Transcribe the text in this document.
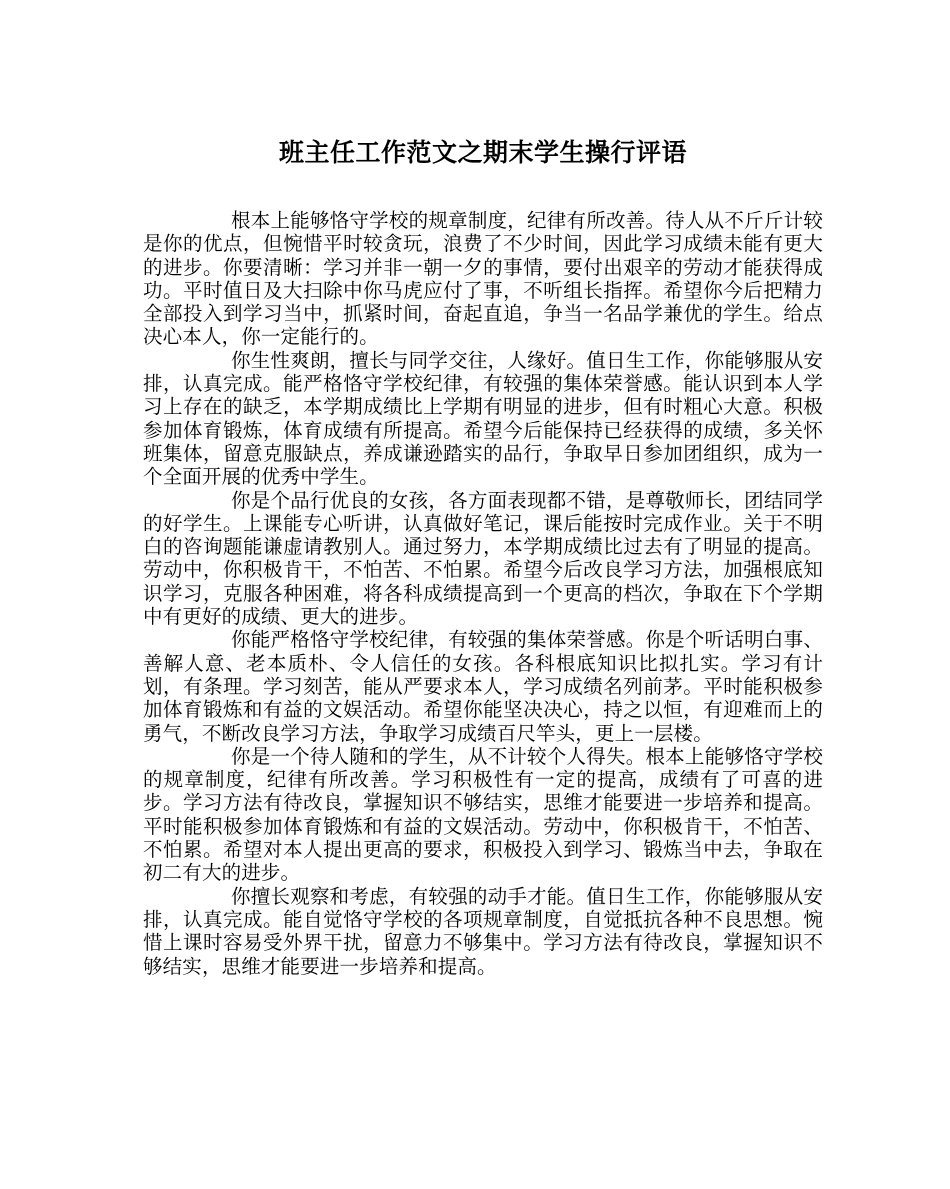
班主任工作范文之期末学生操行评语

根本上能够恪守学校的规章制度，纪律有所改善。待人从不斤斤计较是你的优点，但惋惜平时较贪玩，浪费了不少时间，因此学习成绩未能有更大的进步。你要清晰：学习并非一朝一夕的事情，要付出艰辛的劳动才能获得成功。平时值日及大扫除中你马虎应付了事，不听组长指挥。希望你今后把精力全部投入到学习当中，抓紧时间，奋起直追，争当一名品学兼优的学生。给点决心本人，你一定能行的。

你生性爽朗，擅长与同学交往，人缘好。值日生工作，你能够服从安排，认真完成。能严格恪守学校纪律，有较强的集体荣誉感。能认识到本人学习上存在的缺乏，本学期成绩比上学期有明显的进步，但有时粗心大意。积极参加体育锻炼，体育成绩有所提高。希望今后能保持已经获得的成绩，多关怀班集体，留意克服缺点，养成谦逊踏实的品行，争取早日参加团组织，成为一个全面开展的优秀中学生。

你是个品行优良的女孩，各方面表现都不错，是尊敬师长，团结同学的好学生。上课能专心听讲，认真做好笔记，课后能按时完成作业。关于不明白的咨询题能谦虚请教别人。通过努力，本学期成绩比过去有了明显的提高。劳动中，你积极肯干，不怕苦、不怕累。希望今后改良学习方法，加强根底知识学习，克服各种困难，将各科成绩提高到一个更高的档次，争取在下个学期中有更好的成绩、更大的进步。

你能严格恪守学校纪律，有较强的集体荣誉感。你是个听话明白事、善解人意、老本质朴、令人信任的女孩。各科根底知识比拟扎实。学习有计划，有条理。学习刻苦，能从严要求本人，学习成绩名列前茅。平时能积极参加体育锻炼和有益的文娱活动。希望你能坚决决心，持之以恒，有迎难而上的勇气，不断改良学习方法，争取学习成绩百尺竿头，更上一层楼。

你是一个待人随和的学生，从不计较个人得失。根本上能够恪守学校的规章制度，纪律有所改善。学习积极性有一定的提高，成绩有了可喜的进步。学习方法有待改良，掌握知识不够结实，思维才能要进一步培养和提高。平时能积极参加体育锻炼和有益的文娱活动。劳动中，你积极肯干，不怕苦、不怕累。希望对本人提出更高的要求，积极投入到学习、锻炼当中去，争取在初二有大的进步。

你擅长观察和考虑，有较强的动手才能。值日生工作，你能够服从安排，认真完成。能自觉恪守学校的各项规章制度，自觉抵抗各种不良思想。惋惜上课时容易受外界干扰，留意力不够集中。学习方法有待改良，掌握知识不够结实，思维才能要进一步培养和提高。
